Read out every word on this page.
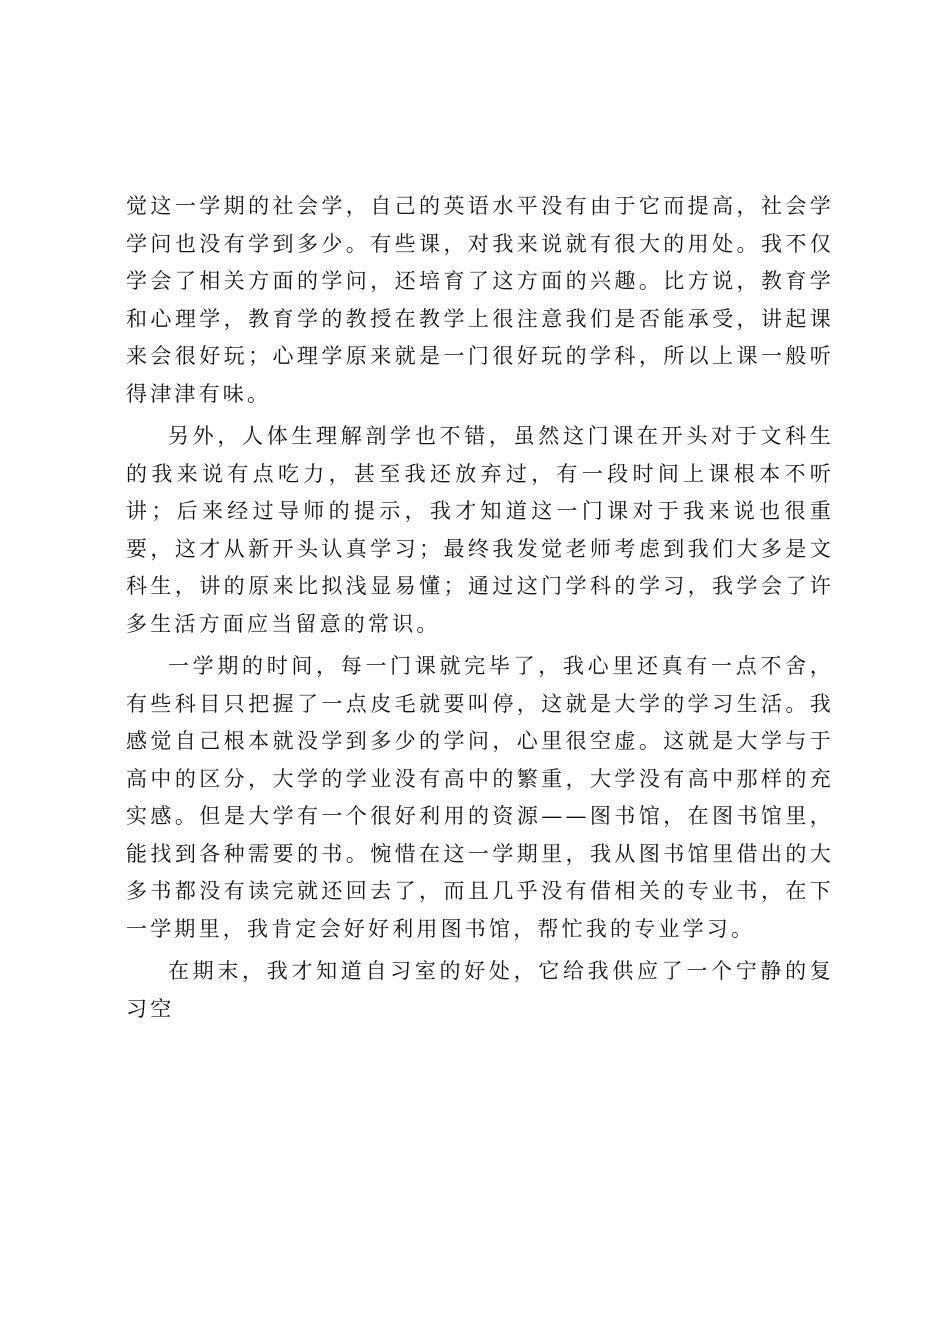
觉这一学期的社会学，自己的英语水平没有由于它而提高，社会学学问也没有学到多少。有些课，对我来说就有很大的用处。我不仅学会了相关方面的学问，还培育了这方面的兴趣。比方说，教育学和心理学，教育学的教授在教学上很注意我们是否能承受，讲起课来会很好玩；心理学原来就是一门很好玩的学科，所以上课一般听得津津有味。

另外，人体生理解剖学也不错，虽然这门课在开头对于文科生的我来说有点吃力，甚至我还放弃过，有一段时间上课根本不听讲；后来经过导师的提示，我才知道这一门课对于我来说也很重要，这才从新开头认真学习；最终我发觉老师考虑到我们大多是文科生，讲的原来比拟浅显易懂；通过这门学科的学习，我学会了许多生活方面应当留意的常识。

一学期的时间，每一门课就完毕了，我心里还真有一点不舍，有些科目只把握了一点皮毛就要叫停，这就是大学的学习生活。我感觉自己根本就没学到多少的学问，心里很空虚。这就是大学与于高中的区分，大学的学业没有高中的繁重，大学没有高中那样的充实感。但是大学有一个很好利用的资源——图书馆，在图书馆里，能找到各种需要的书。惋惜在这一学期里，我从图书馆里借出的大多书都没有读完就还回去了，而且几乎没有借相关的专业书，在下一学期里，我肯定会好好利用图书馆，帮忙我的专业学习。

在期末，我才知道自习室的好处，它给我供应了一个宁静的复习空
